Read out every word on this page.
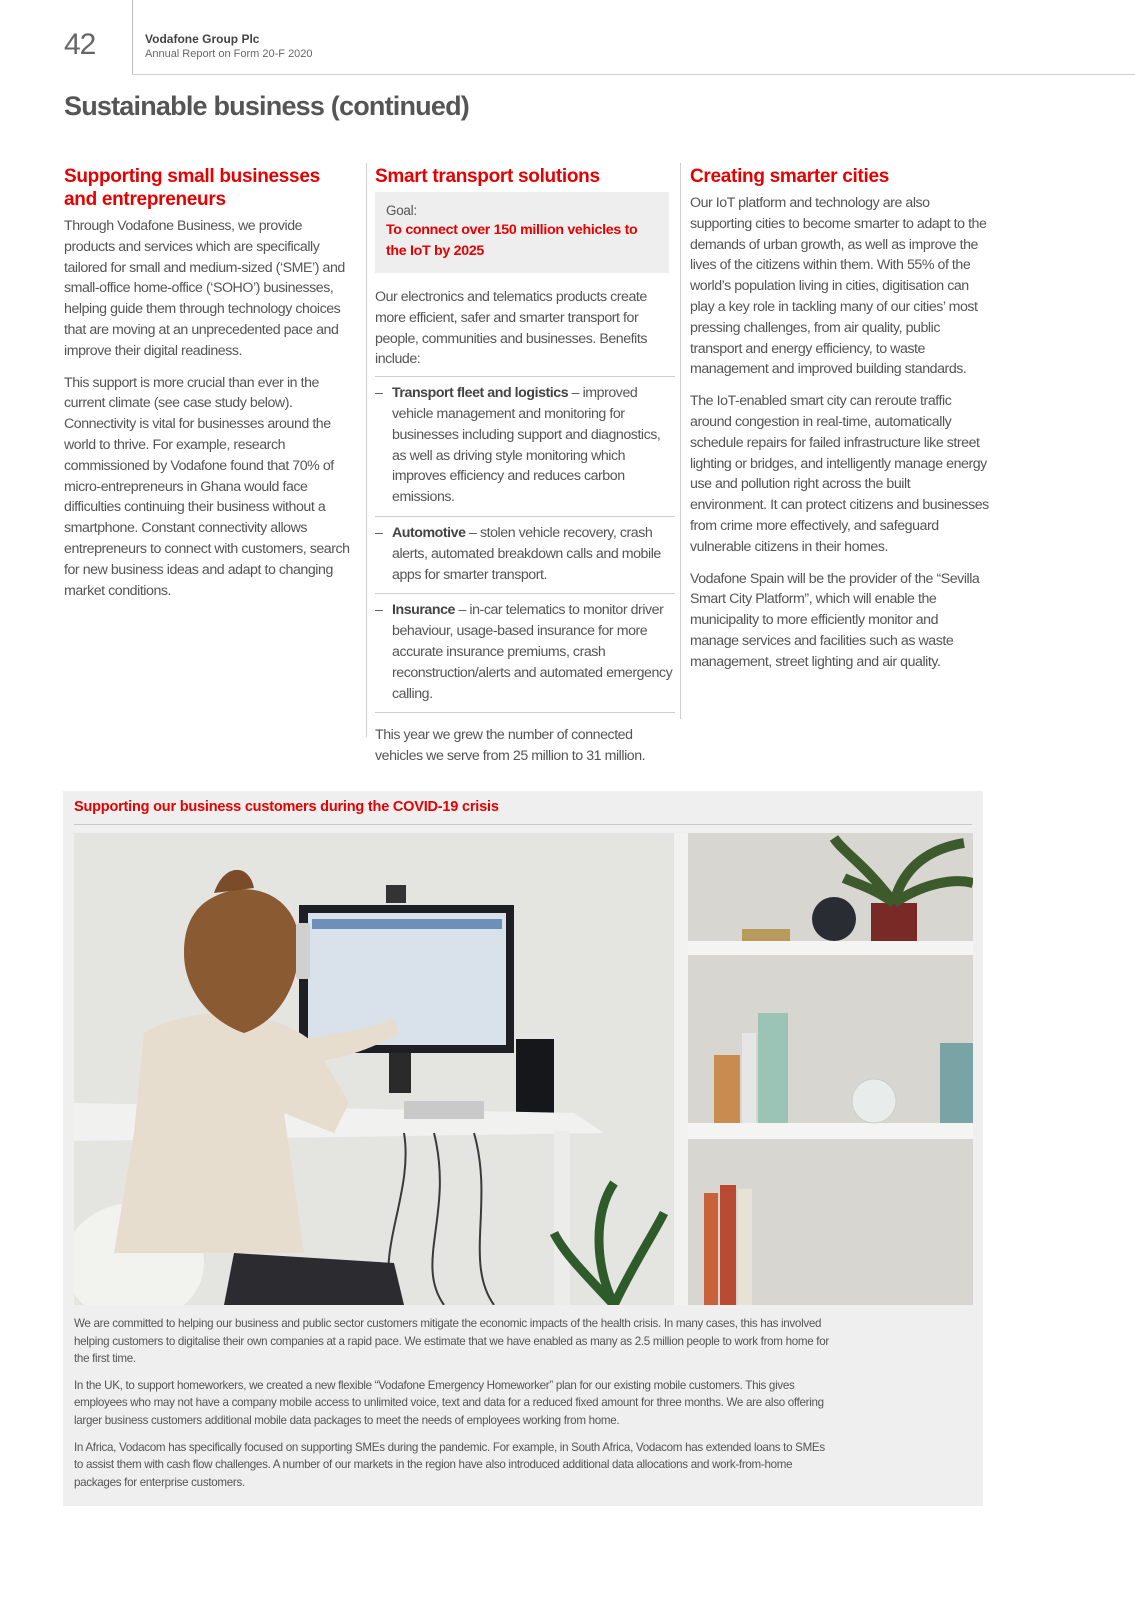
42	Vodafone Group Plc
Annual Report on Form 20-F 2020
Sustainable business (continued)
Supporting small businesses and entrepreneurs

Through Vodafone Business, we provide products and services which are specifically tailored for small and medium-sized (‘SME’) and small-office home-office (‘SOHO’) businesses, helping guide them through technology choices that are moving at an unprecedented pace and improve their digital readiness.

This support is more crucial than ever in the current climate (see case study below). Connectivity is vital for businesses around the world to thrive. For example, research commissioned by Vodafone found that 70% of micro-entrepreneurs in Ghana would face difficulties continuing their business without a smartphone. Constant connectivity allows entrepreneurs to connect with customers, search for new business ideas and adapt to changing market conditions.

Smart transport solutions
Goal:
To connect over 150 million vehicles to the IoT by 2025

Our electronics and telematics products create more efficient, safer and smarter transport for people, communities and businesses. Benefits include:

– Transport fleet and logistics – improved vehicle management and monitoring for businesses including support and diagnostics, as well as driving style monitoring which improves efficiency and reduces carbon emissions.
– Automotive – stolen vehicle recovery, crash alerts, automated breakdown calls and mobile apps for smarter transport.
– Insurance – in-car telematics to monitor driver behaviour, usage-based insurance for more accurate insurance premiums, crash reconstruction/alerts and automated emergency calling.

This year we grew the number of connected vehicles we serve from 25 million to 31 million.

Creating smarter cities

Our IoT platform and technology are also supporting cities to become smarter to adapt to the demands of urban growth, as well as improve the lives of the citizens within them. With 55% of the world’s population living in cities, digitisation can play a key role in tackling many of our cities’ most pressing challenges, from air quality, public transport and energy efficiency, to waste management and improved building standards.

The IoT-enabled smart city can reroute traffic around congestion in real-time, automatically schedule repairs for failed infrastructure like street lighting or bridges, and intelligently manage energy use and pollution right across the built environment. It can protect citizens and businesses from crime more effectively, and safeguard vulnerable citizens in their homes.

Vodafone Spain will be the provider of the “Sevilla Smart City Platform”, which will enable the municipality to more efficiently monitor and manage services and facilities such as waste management, street lighting and air quality.

Supporting our business customers during the COVID-19 crisis

We are committed to helping our business and public sector customers mitigate the economic impacts of the health crisis. In many cases, this has involved helping customers to digitalise their own companies at a rapid pace. We estimate that we have enabled as many as 2.5 million people to work from home for the first time.

In the UK, to support homeworkers, we created a new flexible “Vodafone Emergency Homeworker” plan for our existing mobile customers. This gives employees who may not have a company mobile access to unlimited voice, text and data for a reduced fixed amount for three months. We are also offering larger business customers additional mobile data packages to meet the needs of employees working from home.

In Africa, Vodacom has specifically focused on supporting SMEs during the pandemic. For example, in South Africa, Vodacom has extended loans to SMEs to assist them with cash flow challenges. A number of our markets in the region have also introduced additional data allocations and work-from-home packages for enterprise customers.
